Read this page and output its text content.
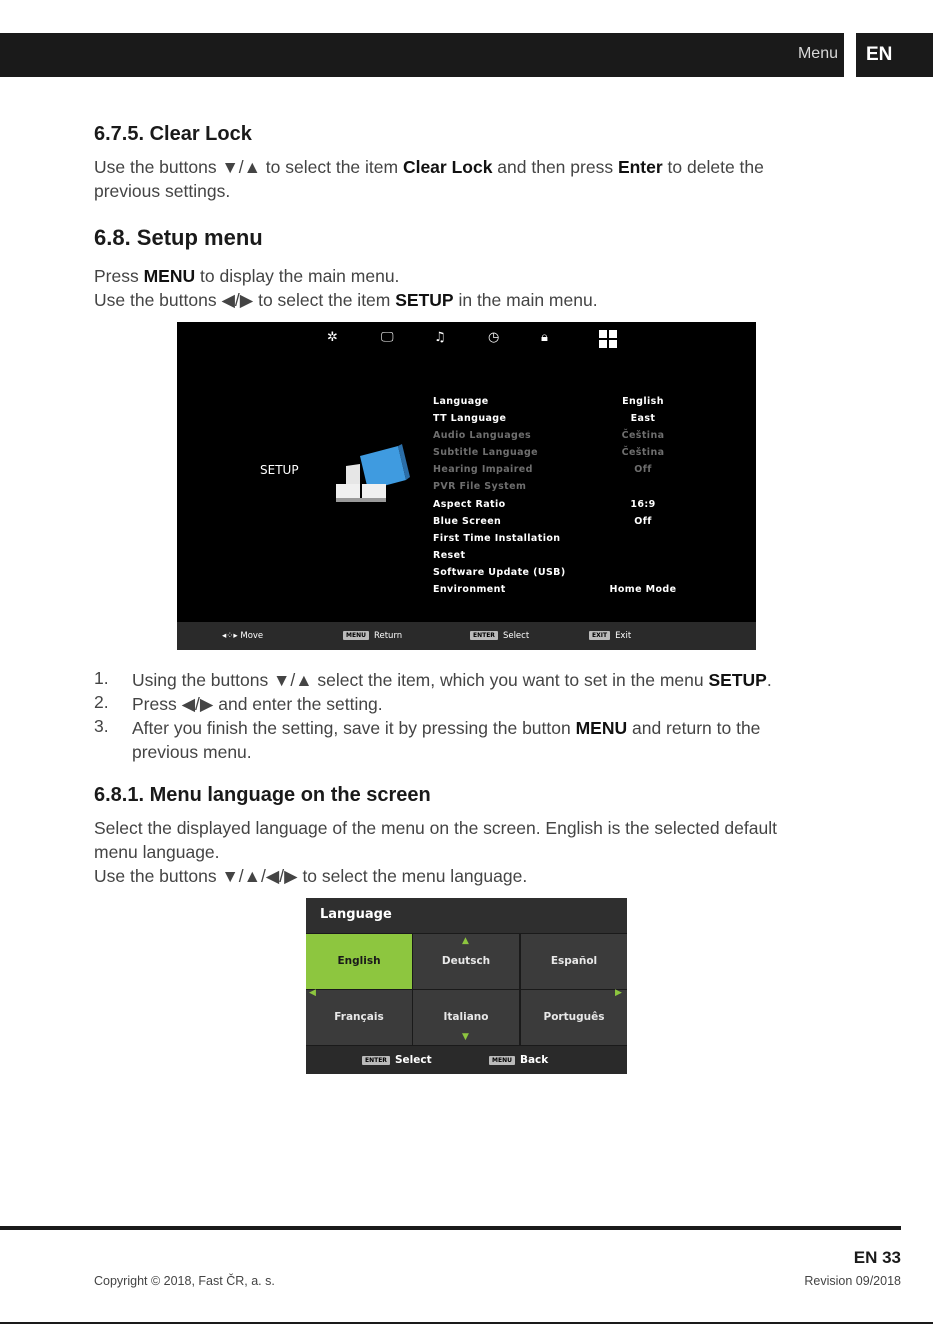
Menu	EN
6.7.5. Clear Lock
Use the buttons ▼/▲ to select the item Clear Lock and then press Enter to delete the
previous settings.
6.8. Setup menu
Press MENU to display the main menu.
Use the buttons ◀/▶ to select the item SETUP in the main menu.
✲	🖵	♫	◷	🔒︎
SETUP
Language	English
TT Language	East
Audio Languages	Čeština
Subtitle Language	Čeština
Hearing Impaired	Off
PVR File System
Aspect Ratio	16:9
Blue Screen	Off
First Time Installation
Reset
Software Update (USB)
Environment	Home Mode
◂⁘▸ Move	MENU Return	ENTER Select	EXIT Exit
1. Using the buttons ▼/▲ select the item, which you want to set in the menu SETUP.
2. Press ◀/▶ and enter the setting.
3. After you finish the setting, save it by pressing the button MENU and return to the
previous menu.
6.8.1. Menu language on the screen
Select the displayed language of the menu on the screen. English is the selected default
menu language.
Use the buttons ▼/▲/◀/▶ to select the menu language.
Language
English	Deutsch	Español
Français	Italiano	Português
▲
▼
◀	▶
ENTER Select	MENU Back
EN 33
Copyright © 2018, Fast ČR, a. s.	Revision 09/2018
